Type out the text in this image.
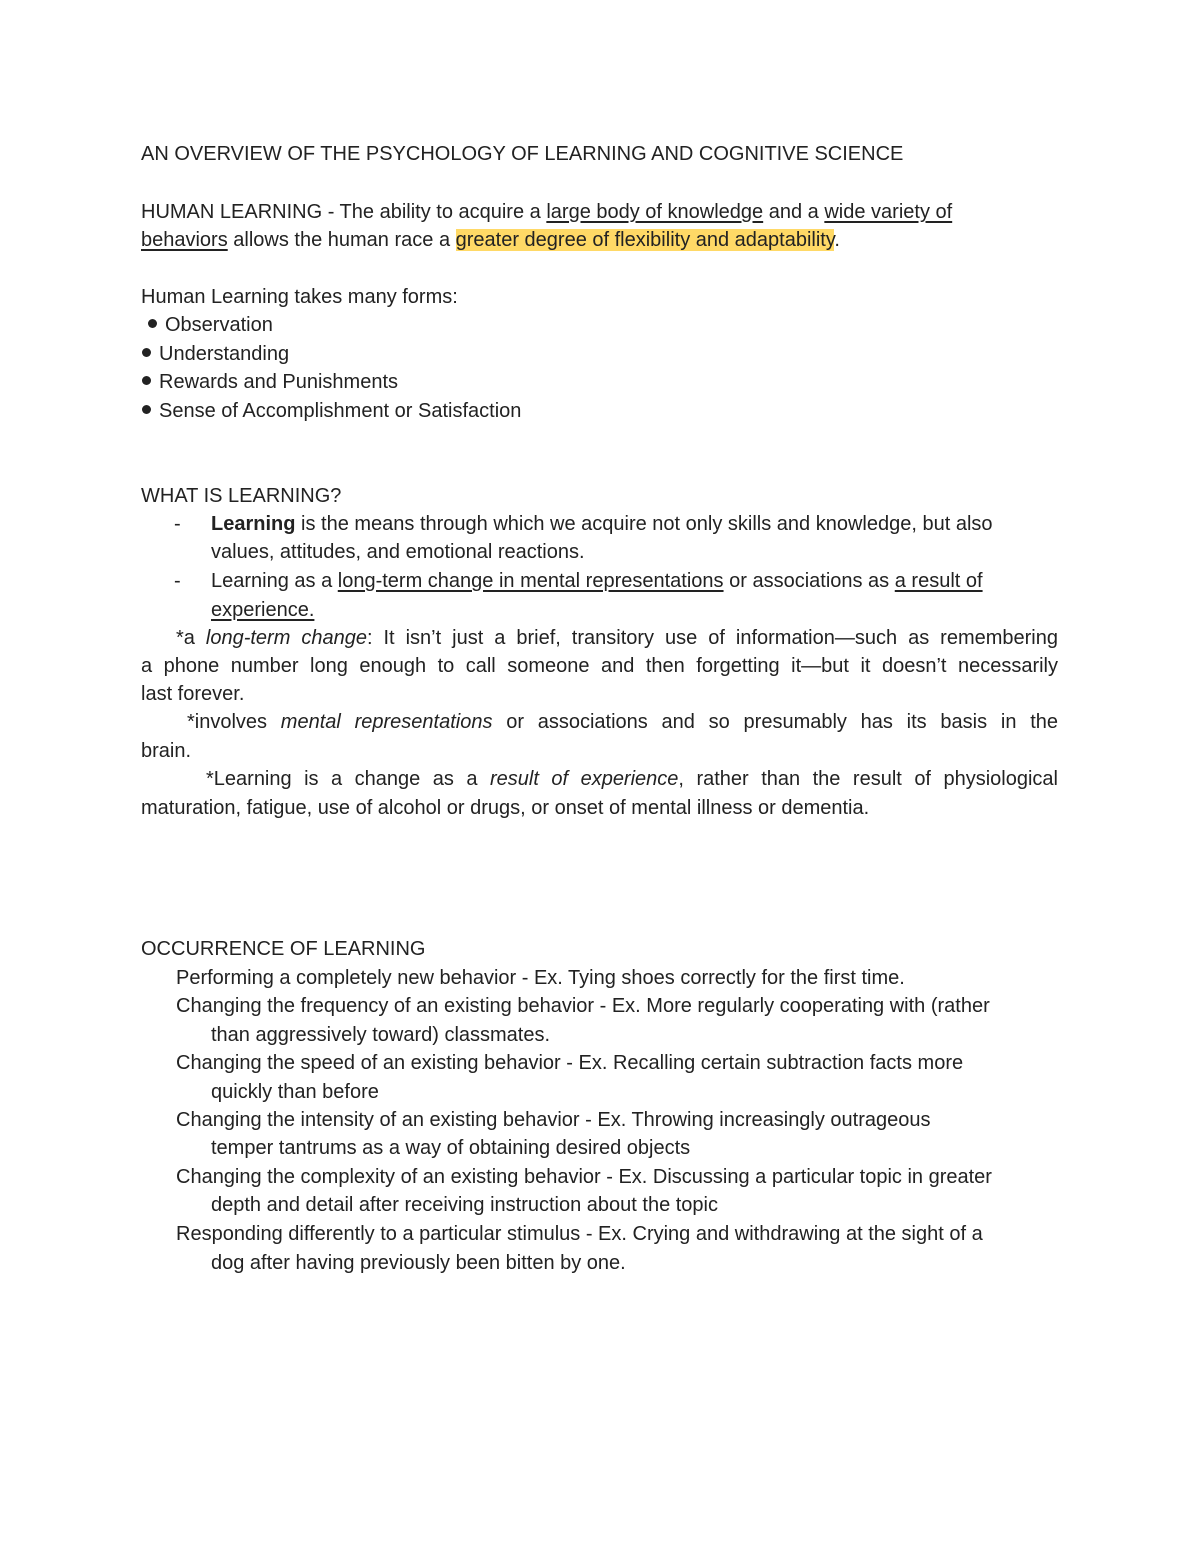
AN OVERVIEW OF THE PSYCHOLOGY OF LEARNING AND COGNITIVE SCIENCE
HUMAN LEARNING - The ability to acquire a large body of knowledge and a wide variety of
behaviors allows the human race a greater degree of flexibility and adaptability.
Human Learning takes many forms:
Observation
Understanding
Rewards and Punishments
Sense of Accomplishment or Satisfaction
WHAT IS LEARNING?
- Learning is the means through which we acquire not only skills and knowledge, but also
values, attitudes, and emotional reactions.
- Learning as a long-term change in mental representations or associations as a result of
experience.
*a long-term change: It isn’t just a brief, transitory use of information—such as remembering
a phone number long enough to call someone and then forgetting it—but it doesn’t necessarily
last forever.
*involves mental representations or associations and so presumably has its basis in the
brain.
*Learning is a change as a result of experience, rather than the result of physiological
maturation, fatigue, use of alcohol or drugs, or onset of mental illness or dementia.
OCCURRENCE OF LEARNING
Performing a completely new behavior - Ex. Tying shoes correctly for the first time.
Changing the frequency of an existing behavior - Ex. More regularly cooperating with (rather
than aggressively toward) classmates.
Changing the speed of an existing behavior - Ex. Recalling certain subtraction facts more
quickly than before
Changing the intensity of an existing behavior - Ex. Throwing increasingly outrageous
temper tantrums as a way of obtaining desired objects
Changing the complexity of an existing behavior - Ex. Discussing a particular topic in greater
depth and detail after receiving instruction about the topic
Responding differently to a particular stimulus - Ex. Crying and withdrawing at the sight of a
dog after having previously been bitten by one.
